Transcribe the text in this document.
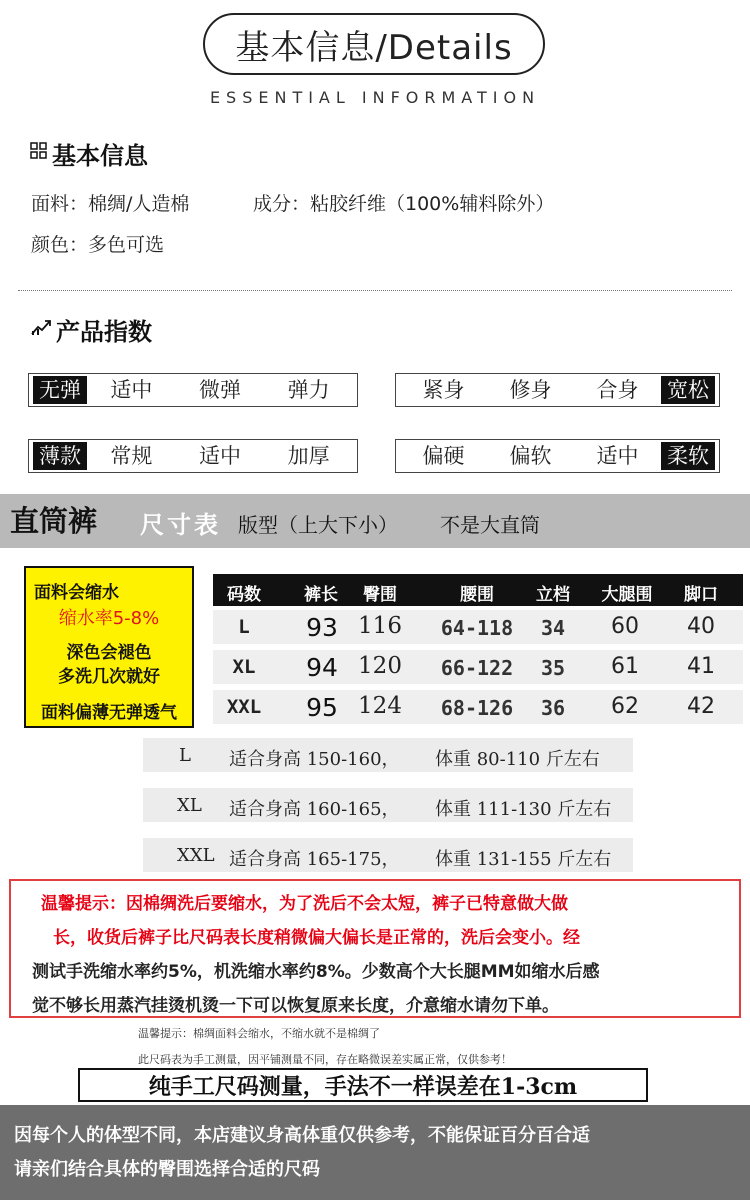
基本信息/Details
ESSENTIAL INFORMATION
基本信息
面料：棉绸/人造棉	成分：粘胶纤维（100%辅料除外）
颜色：多色可选
产品指数
无弹	适中	微弹	弹力	紧身	修身	合身	宽松
薄款	常规	适中	加厚	偏硬	偏软	适中	柔软
直筒裤 尺寸表 版型（上大下小） 不是大直筒
面料会缩水
缩水率5-8%
深色会褪色
多洗几次就好
面料偏薄无弹透气
码数	裤长	臀围	腰围	立档	大腿围	脚口
L	93 116	64-118	34	60	40
XL	94 120	66-122	35	61	41
XXL	95 124	68-126	36	62	42
L 适合身高 150-160， 体重 80-110 斤左右
XL 适合身高 160-165， 体重 111-130 斤左右
XXL 适合身高 165-175， 体重 131-155 斤左右
温馨提示：因棉绸洗后要缩水，为了洗后不会太短，裤子已特意做大做
长，收货后裤子比尺码表长度稍微偏大偏长是正常的，洗后会变小。经
测试手洗缩水率约5%，机洗缩水率约8%。少数高个大长腿MM如缩水后感
觉不够长用蒸汽挂烫机烫一下可以恢复原来长度，介意缩水请勿下单。
温馨提示：棉绸面料会缩水，不缩水就不是棉绸了
此尺码表为手工测量，因平铺测量不同，存在略微误差实属正常，仅供参考！
纯手工尺码测量，手法不一样误差在1-3cm
因每个人的体型不同，本店建议身高体重仅供参考，不能保证百分百合适
请亲们结合具体的臀围选择合适的尺码
